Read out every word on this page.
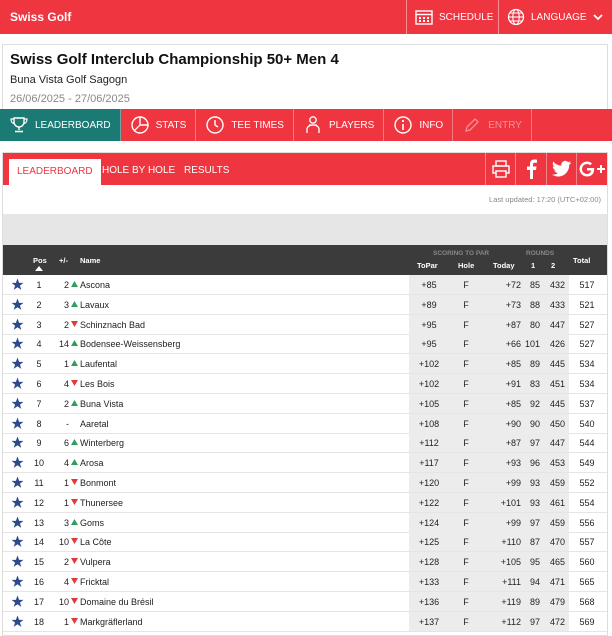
Swiss Golf	SCHEDULE	LANGUAGE
Swiss Golf Interclub Championship 50+ Men 4
Buna Vista Golf Sagogn
26/06/2025 - 27/06/2025
LEADERBOARD	STATS	TEE TIMES	PLAYERS	INFO	ENTRY
LEADERBOARD HOLE BY HOLE RESULTS
Last updated: 17:20 (UTC+02:00)
Pos +/- Name
SCORING TO PAR
ToPar	Hole Today
ROUNDS
1 2
Total
1	2 Ascona	+85	F	+72 85	432	517
2	3 Lavaux	+89	F	+73 88	433	521
3	2 Schinznach Bad	+95	F	+87 80	447	527
4	14 Bodensee-Weissensberg	+95	F	+66 101	426	527
5	1 Laufental	+102	F	+85 89	445	534
6	4 Les Bois	+102	F	+91 83	451	534
7	2 Buna Vista	+105	F	+85 92	445	537
8	- Aaretal	+108	F	+90 90	450	540
9	6 Winterberg	+112	F	+87 97	447	544
10	4 Arosa	+117	F	+93 96	453	549
11	1 Bonmont	+120	F	+99 93	459	552
12	1 Thunersee	+122	F	+101 93	461	554
13	3 Goms	+124	F	+99 97	459	556
14	10 La Côte	+125	F	+110 87	470	557
15	2 Vulpera	+128	F	+105 95	465	560
16	4 Fricktal	+133	F	+111 94	471	565
17	10 Domaine du Brésil	+136	F	+119 89	479	568
18	1 Markgräflerland	+137	F	+112 97	472	569
